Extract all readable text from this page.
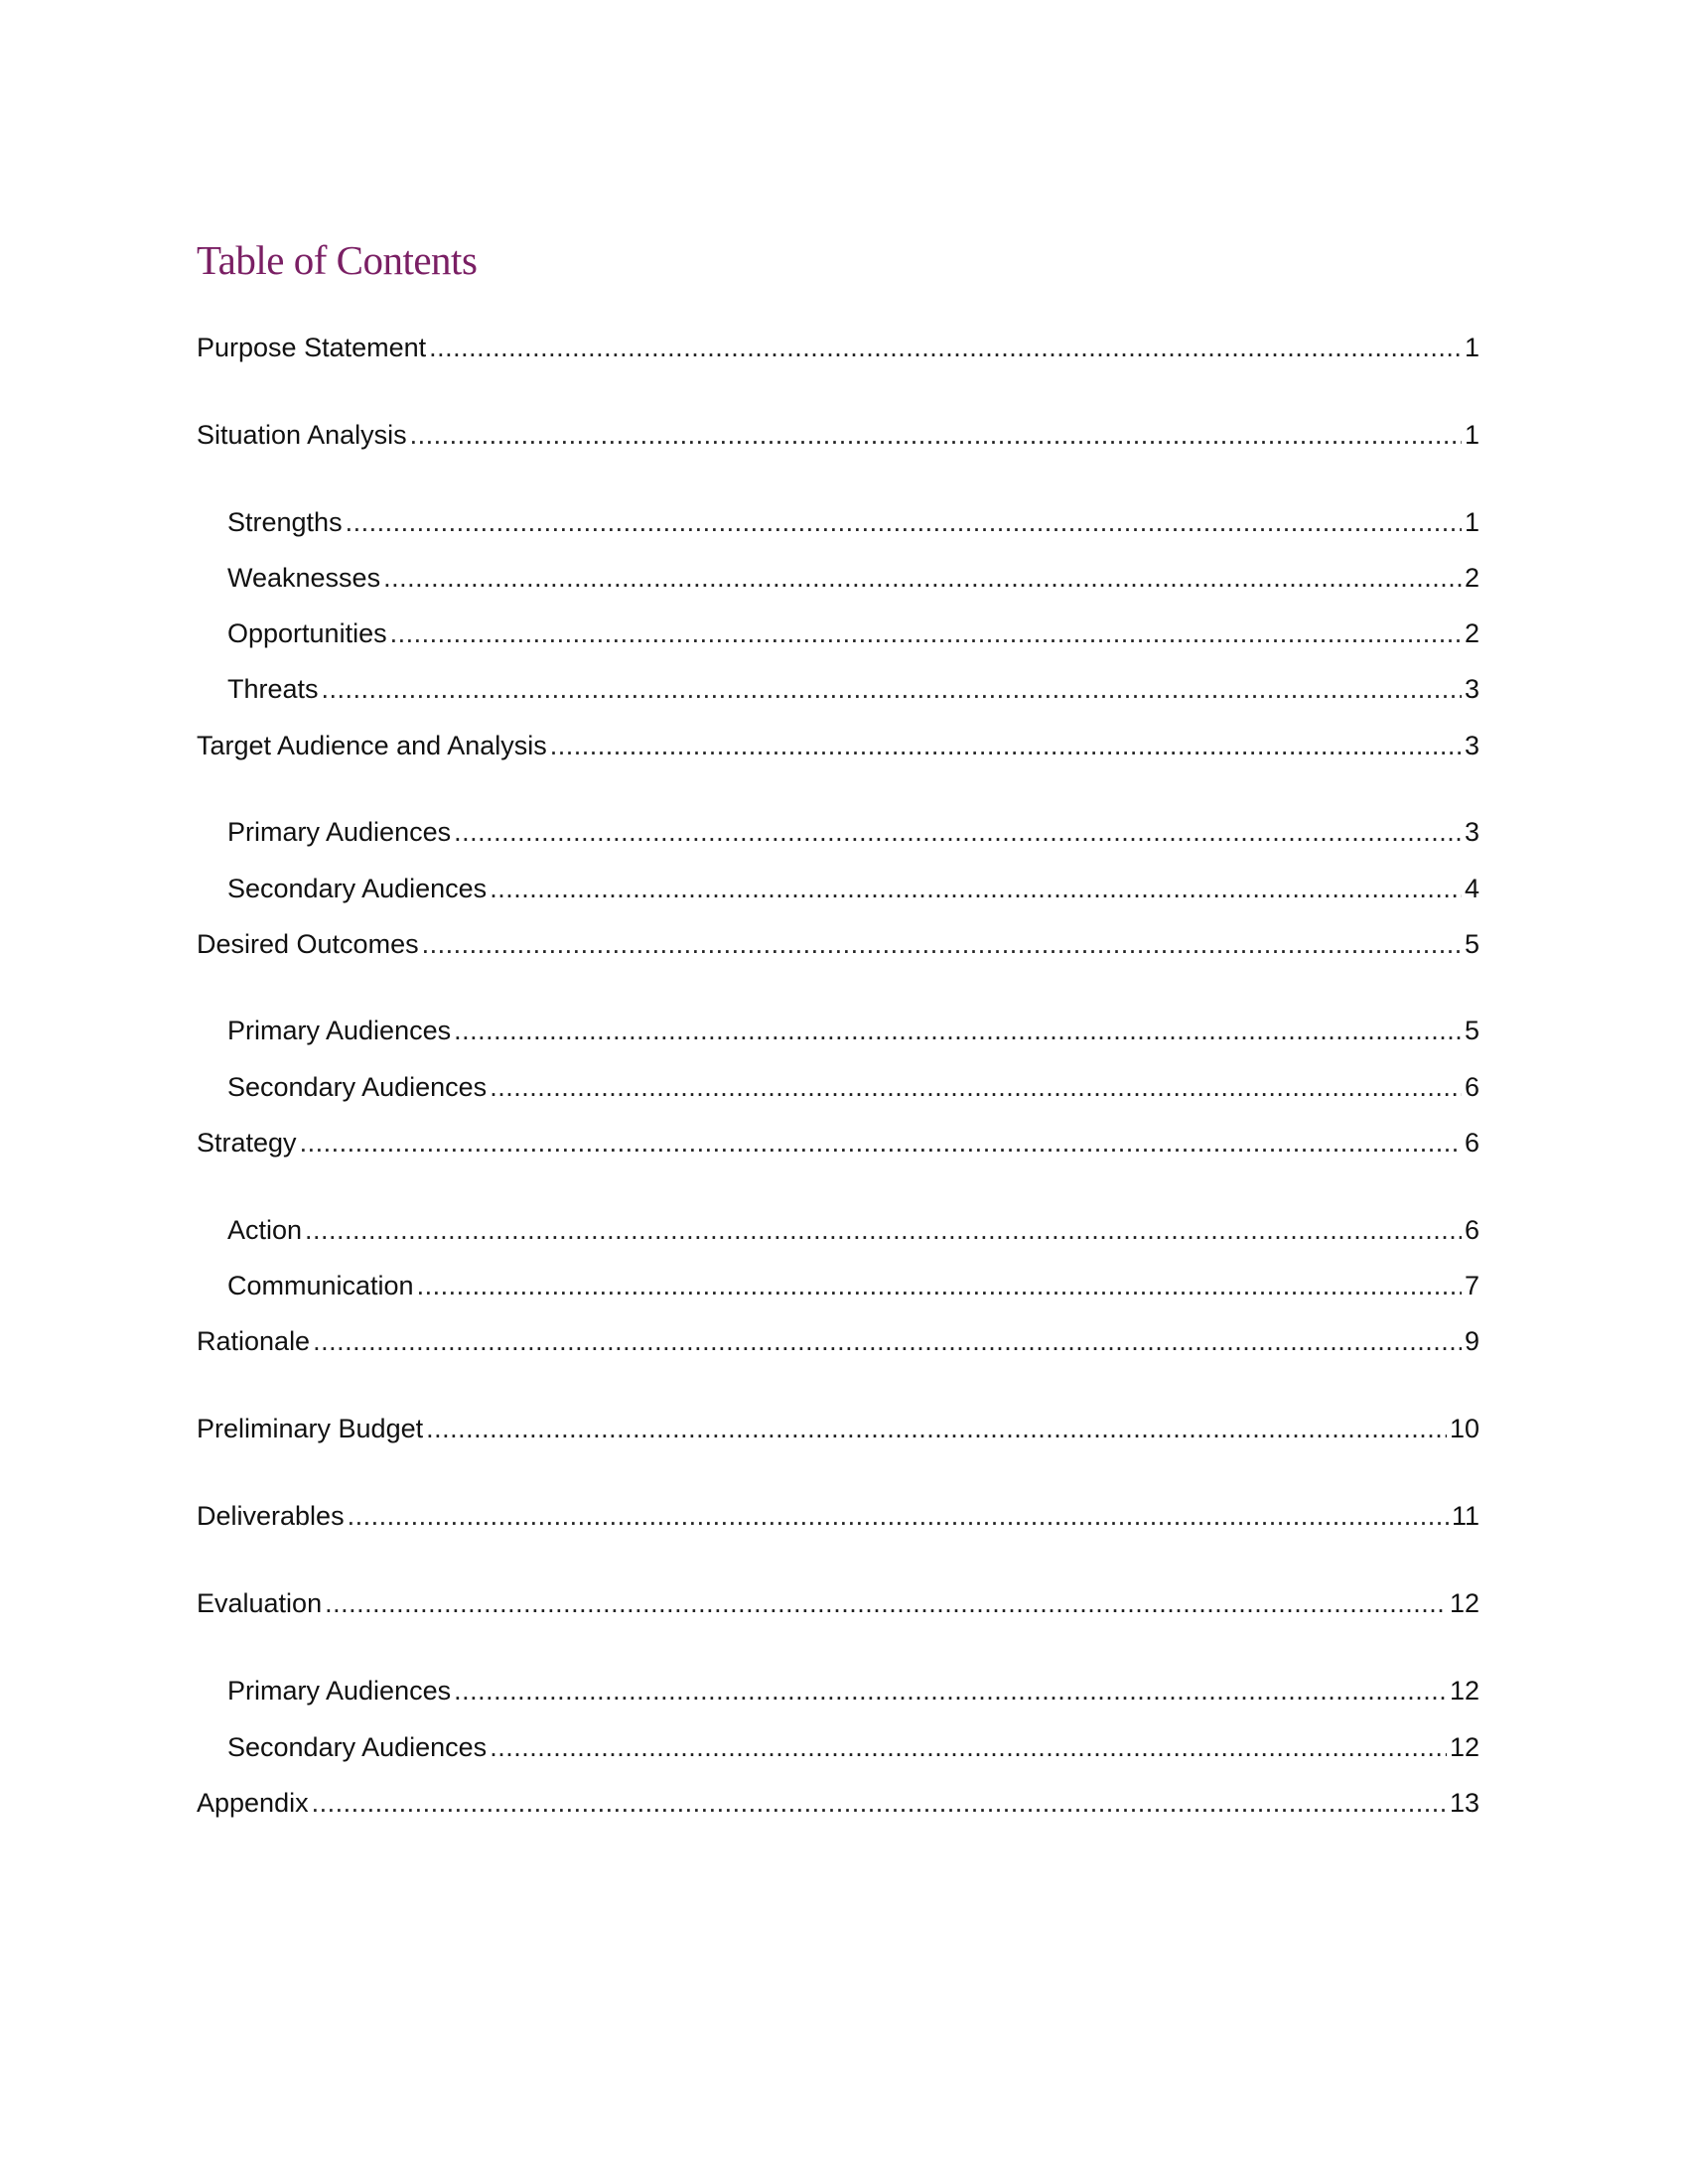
Table of Contents
Purpose Statement .....	1
Situation Analysis .....	1
Strengths .....	1
Weaknesses .....	2
Opportunities .....	2
Threats .....	3
Target Audience and Analysis .....	3
Primary Audiences .....	3
Secondary Audiences .....	4
Desired Outcomes .....	5
Primary Audiences .....	5
Secondary Audiences .....	6
Strategy .....	6
Action .....	6
Communication .....	7
Rationale .....	9
Preliminary Budget .....	10
Deliverables .....	11
Evaluation .....	12
Primary Audiences .....	12
Secondary Audiences .....	12
Appendix .....	13
